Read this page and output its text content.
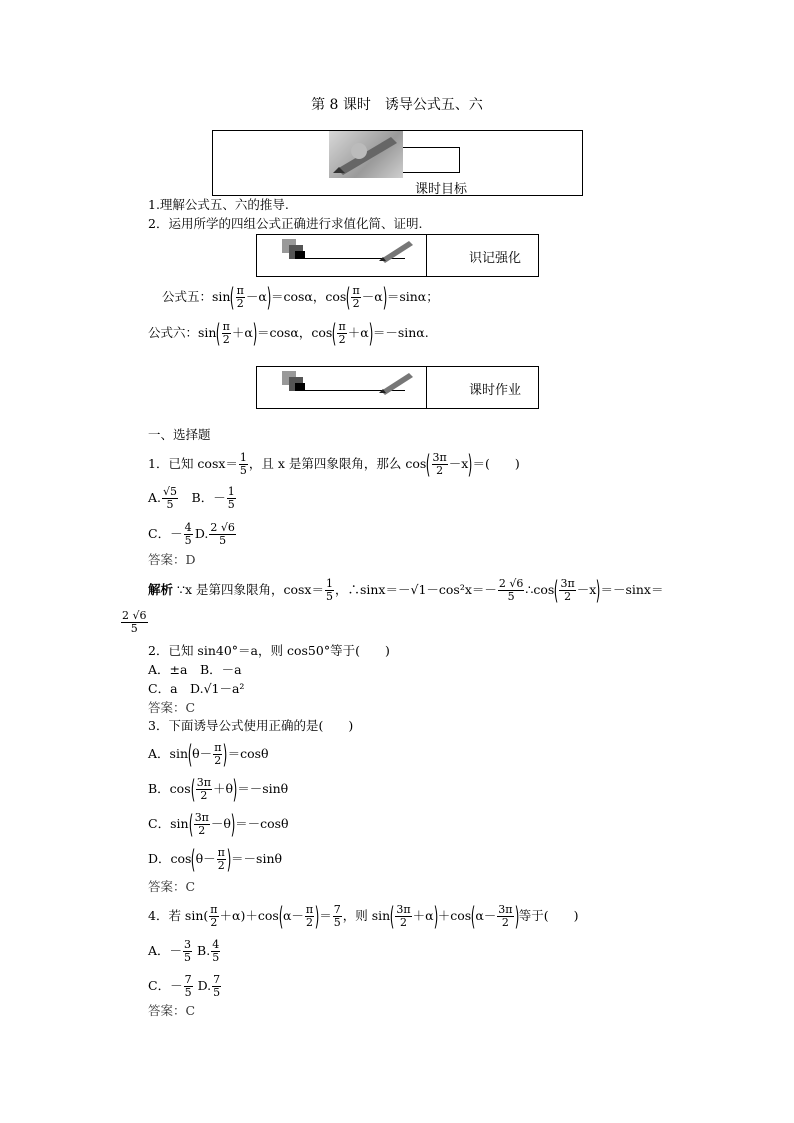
第 8 课时　诱导公式五、六
课时目标
1.理解公式五、六的推导.
2．运用所学的四组公式正确进行求值化简、证明.
识记强化
公式五：$\sin( \frac{\pi}{2} -\alpha)=\cos\alpha$，$\cos( \frac{\pi}{2} -\alpha)=\sin\alpha$；
公式六：$\sin( \frac{\pi}{2} +\alpha)=\cos\alpha$，$\cos( \frac{\pi}{2} +\alpha)=-\sin\alpha$.
课时作业
一、选择题
1．已知 $\cos x= \frac{1}{5}$ ，且 x 是第四象限角，那么 $\cos( \frac{3\pi}{2} -x)=$(　　)
A. $\frac{√5}{5}$ 　B．－ $\frac{1}{5}$
C．－ $\frac{4}{5}$
  D. $\frac{2 √6}{5}$
答案：D
解析 ∵x 是第四象限角，$\cos x= \frac{1}{5}$ ，∴sinx＝－√1－cos²x＝－ $\frac{2 √6}{5}$ ∴cos( $\frac{3\pi}{2} -x)=-\sin x=$
$\frac{2 √6}{5}$
2．已知 sin40°＝a，则 cos50°等于(　　)
A．±a　B．－a
C．a　D.√1－a²
答案：C
3．下面诱导公式使用正确的是(　　)
A．$\sin(\theta- \frac{\pi}{2} )=\cos\theta$
B．$\cos( \frac{3\pi}{2} +\theta)=-\sin\theta$
C．$\sin( \frac{3\pi}{2} -\theta)=-\cos\theta$
D．$\cos(\theta- \frac{\pi}{2} )=-\sin\theta$
答案：C
4．若 $\sin( \frac{\pi}{2} +\alpha)+\cos(\alpha- \frac{\pi}{2}$ )＝ $\frac{7}{5}$ ，则 $\sin( \frac{3\pi}{2} +\alpha)+\cos(\alpha- \frac{3\pi}{2}$ )等于(　　)
A．－ $\frac{3}{5} B$. $\frac{4}{5}$
C．－ $\frac{7}{5} D$. $\frac{7}{5}$
答案：C
